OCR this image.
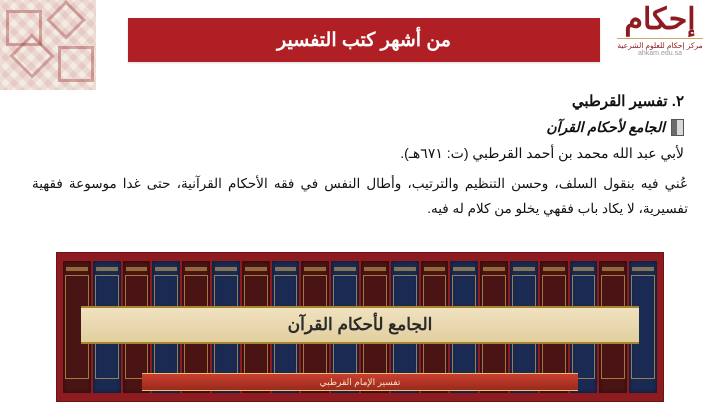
من أشهر كتب التفسير
إحكام
مركز إحكام للعلوم الشرعية
ahkam.edu.sa

٢. تفسير القرطبي

الجامع لأحكام القرآن

لأبي عبد الله محمد بن أحمد القرطبي (ت: ٦٧١هـ).

عُني فيه بنقول السلف، وحسن التنظيم والترتيب، وأطال النفس في فقه الأحكام القرآنية، حتى غدا موسوعة فقهية تفسيرية، لا يكاد باب فقهي يخلو من كلام له فيه.

الجامع لأحكام القرآن
تفسير الإمام القرطبي
